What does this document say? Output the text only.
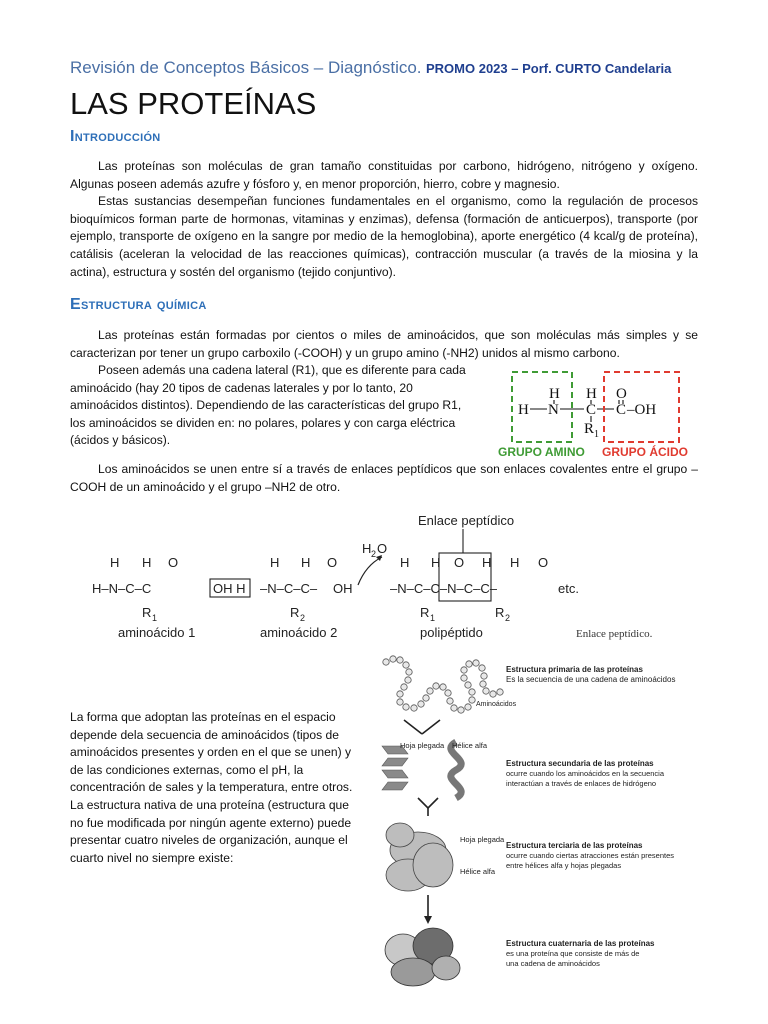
Revisión de Conceptos Básicos – Diagnóstico. PROMO 2023 – Porf. CURTO Candelaria
LAS PROTEÍNAS
Introducción

Las proteínas son moléculas de gran tamaño constituidas por carbono, hidrógeno, nitrógeno y oxígeno. Algunas poseen además azufre y fósforo y, en menor proporción, hierro, cobre y magnesio.

Estas sustancias desempeñan funciones fundamentales en el organismo, como la regulación de procesos bioquímicos forman parte de hormonas, vitaminas y enzimas), defensa (formación de anticuerpos), transporte (por ejemplo, transporte de oxígeno en la sangre por medio de la hemoglobina), aporte energético (4 kcal/g de proteína), catálisis (aceleran la velocidad de las reacciones químicas), contracción muscular (a través de la miosina y la actina), estructura y sostén del organismo (tejido conjuntivo).

Estructura química

Las proteínas están formadas por cientos o miles de aminoácidos, que son moléculas más simples y se caracterizan por tener un grupo carboxilo (-COOH) y un grupo amino (-NH2) unidos al mismo carbono.

Poseen además una cadena lateral (R1), que es diferente para cada
aminoácido (hay 20 tipos de cadenas laterales y por lo tanto, 20
aminoácidos distintos). Dependiendo de las características del grupo R1,
los aminoácidos se dividen en: no polares, polares y con carga eléctrica
(ácidos y básicos).

Los aminoácidos se unen entre sí a través de enlaces peptídicos que son enlaces covalentes entre el grupo –COOH de un aminoácido y el grupo –NH2 de otro.

H H O
H N C C –OH
R 1
GRUPO AMINO GRUPO ÁCIDO
Enlace peptídico
H 2 O
H H O
H–N–C–C
R 1
OH H
H H O
–N–C–C– OH
R 2
H H O H H O
–N–C–C–N–C–C–	etc.
R 1	R 2
aminoácido 1	aminoácido 2	polipéptido	Enlace peptídico.
La forma que adoptan las proteínas en el espacio depende dela secuencia de aminoácidos (tipos de aminoácidos presentes y orden en el que se unen) y de las condiciones externas, como el pH, la concentración de sales y la temperatura, entre otros. La estructura nativa de una proteína (estructura que no fue modificada por ningún agente externo) puede presentar cuatro niveles de organización, aunque el cuarto nivel no siempre existe:
Estructura primaria de las proteínas
Es la secuencia de una cadena de aminoácidos
Aminoácidos
Hoja plegada Hélice alfa
Estructura secundaria de las proteínas
ocurre cuando los aminoácidos en la secuencia
interactúan a través de enlaces de hidrógeno
Hoja plegada
Estructura terciaria de las proteínas
ocurre cuando ciertas atracciones están presentes
entre hélices alfa y hojas plegadas
Hélice alfa
Estructura cuaternaria de las proteínas
es una proteína que consiste de más de
una cadena de aminoácidos
